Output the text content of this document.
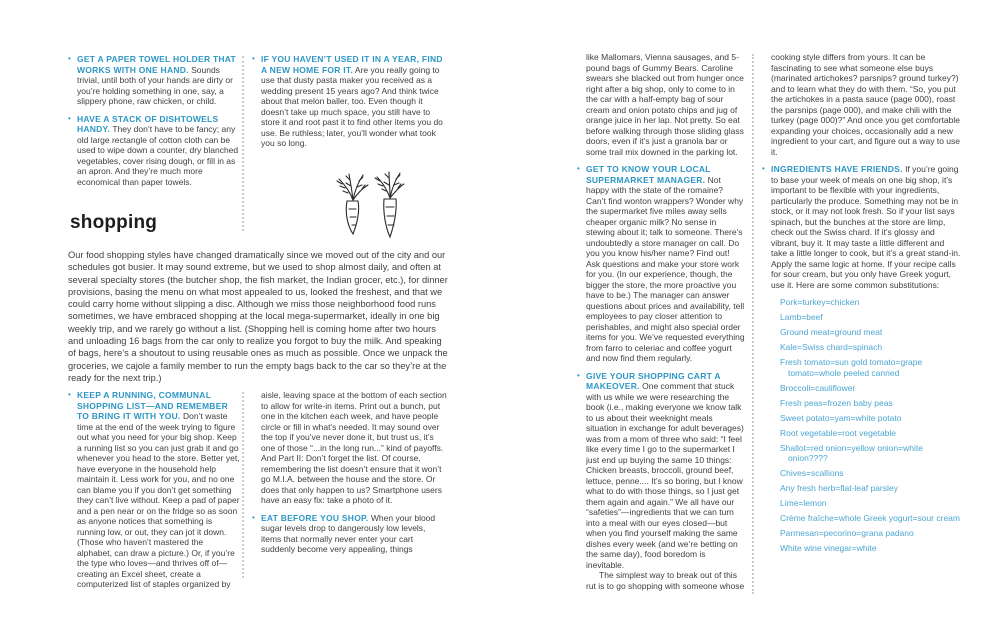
• GET A PAPER TOWEL HOLDER THAT WORKS WITH ONE HAND. Sounds trivial, until both of your hands are dirty or you’re holding something in one, say, a slippery phone, raw chicken, or child.
• HAVE A STACK OF DISHTOWELS HANDY. They don’t have to be fancy; any old large rectangle of cotton cloth can be used to wipe down a counter, dry blanched vegetables, cover rising dough, or fill in as an apron. And they’re much more economical than paper towels.
• IF YOU HAVEN’T USED IT IN A YEAR, FIND A NEW HOME FOR IT. Are you really going to use that dusty pasta maker you received as a wedding present 15 years ago? And think twice about that melon baller, too. Even though it doesn’t take up much space, you still have to store it and root past it to find other items you do use. Be ruthless; later, you’ll wonder what took you so long.
shopping

Our food shopping styles have changed dramatically since we moved out of the city and our schedules got busier. It may sound extreme, but we used to shop almost daily, and often at several specialty stores (the butcher shop, the fish market, the Indian grocer, etc.), for dinner provisions, basing the menu on what most appealed to us, looked the freshest, and that we could carry home without slipping a disc. Although we miss those neighborhood food runs sometimes, we have embraced shopping at the local mega-supermarket, ideally in one big weekly trip, and we rarely go without a list. (Shopping hell is coming home after two hours and unloading 16 bags from the car only to realize you forgot to buy the milk. And speaking of bags, here’s a shoutout to using reusable ones as much as possible. Once we unpack the groceries, we cajole a family member to run the empty bags back to the car so they’re at the ready for the next trip.)

• KEEP A RUNNING, COMMUNAL SHOPPING LIST—AND REMEMBER TO BRING IT WITH YOU. Don’t waste time at the end of the week trying to figure out what you need for your big shop. Keep a running list so you can just grab it and go whenever you head to the store. Better yet, have everyone in the household help maintain it. Less work for you, and no one can blame you if you don’t get something they can’t live without. Keep a pad of paper and a pen near or on the fridge so as soon as anyone notices that something is running low, or out, they can jot it down. (Those who haven’t mastered the alphabet, can draw a picture.) Or, if you’re the type who loves—and thrives off of—creating an Excel sheet, create a computerized list of staples organized by
aisle, leaving space at the bottom of each section to allow for write-in items. Print out a bunch, put one in the kitchen each week, and have people circle or fill in what’s needed. It may sound over the top if you’ve never done it, but trust us, it’s one of those “...in the long run...” kind of payoffs. And Part II: Don’t forget the list. Of course, remembering the list doesn’t ensure that it won’t go M.I.A. between the house and the store. Or does that only happen to us? Smartphone users have an easy fix: take a photo of it.
• EAT BEFORE YOU SHOP. When your blood sugar levels drop to dangerously low levels, items that normally never enter your cart suddenly become very appealing, things
like Mallomars, Vienna sausages, and 5-pound bags of Gummy Bears. Caroline swears she blacked out from hunger once right after a big shop, only to come to in the car with a half-empty bag of sour cream and onion potato chips and jug of orange juice in her lap. Not pretty. So eat before walking through those sliding glass doors, even if it’s just a granola bar or some trail mix downed in the parking lot.
• GET TO KNOW YOUR LOCAL SUPERMARKET MANAGER. Not happy with the state of the romaine? Can’t find wonton wrappers? Wonder why the supermarket five miles away sells cheaper organic milk? No sense in stewing about it; talk to someone. There’s undoubtedly a store manager on call. Do you you know his/her name? Find out! Ask questions and make your store work for you. (In our experience, though, the bigger the store, the more proactive you have to be.) The manager can answer questions about prices and availability, tell employees to pay closer attention to perishables, and might also special order items for you. We’ve requested everything from farro to celeriac and coffee yogurt and now find them regularly.
• GIVE YOUR SHOPPING CART A MAKEOVER. One comment that stuck with us while we were researching the book (i.e., making everyone we know talk to us about their weeknight meals situation in exchange for adult beverages) was from a mom of three who said: “I feel like every time I go to the supermarket I just end up buying the same 10 things: Chicken breasts, broccoli, ground beef, lettuce, penne.... It’s so boring, but I know what to do with those things, so I just get them again and again.” We all have our “safeties”—ingredients that we can turn into a meal with our eyes closed—but when you find yourself making the same dishes every week (and we’re betting on the same day), food boredom is inevitable.
The simplest way to break out of this rut is to go shopping with someone whose
cooking style differs from yours. It can be fascinating to see what someone else buys (marinated artichokes? parsnips? ground turkey?) and to learn what they do with them. “So, you put the artichokes in a pasta sauce (page 000), roast the parsnips (page 000), and make chili with the turkey (page 000)?” And once you get comfortable expanding your choices, occasionally add a new ingredient to your cart, and figure out a way to use it.
• INGREDIENTS HAVE FRIENDS. If you’re going to base your week of meals on one big shop, it’s important to be flexible with your ingredients, particularly the produce. Something may not be in stock, or it may not look fresh. So if your list says spinach, but the bunches at the store are limp, check out the Swiss chard. If it’s glossy and vibrant, buy it. It may taste a little different and take a little longer to cook, but it’s a great stand-in. Apply the same logic at home. If your recipe calls for sour cream, but you only have Greek yogurt, use it. Here are some common substitutions:
Pork=turkey=chicken
Lamb=beef
Ground meat=ground meat
Kale=Swiss chard=spinach
Fresh tomato=sun gold tomato=grape tomato=whole peeled canned
Broccoli=cauliflower
Fresh peas=frozen baby peas
Sweet potato=yam=white potato
Root vegetable=root vegetable
Shallot=red onion=yellow onion=white onion????
Chives=scallions
Any fresh herb=flat-leaf parsley
Lime=lemon
Crème fraîche=whole Greek yogurt=sour cream
Parmesan=pecorino=grana padano
White wine vinegar=white
